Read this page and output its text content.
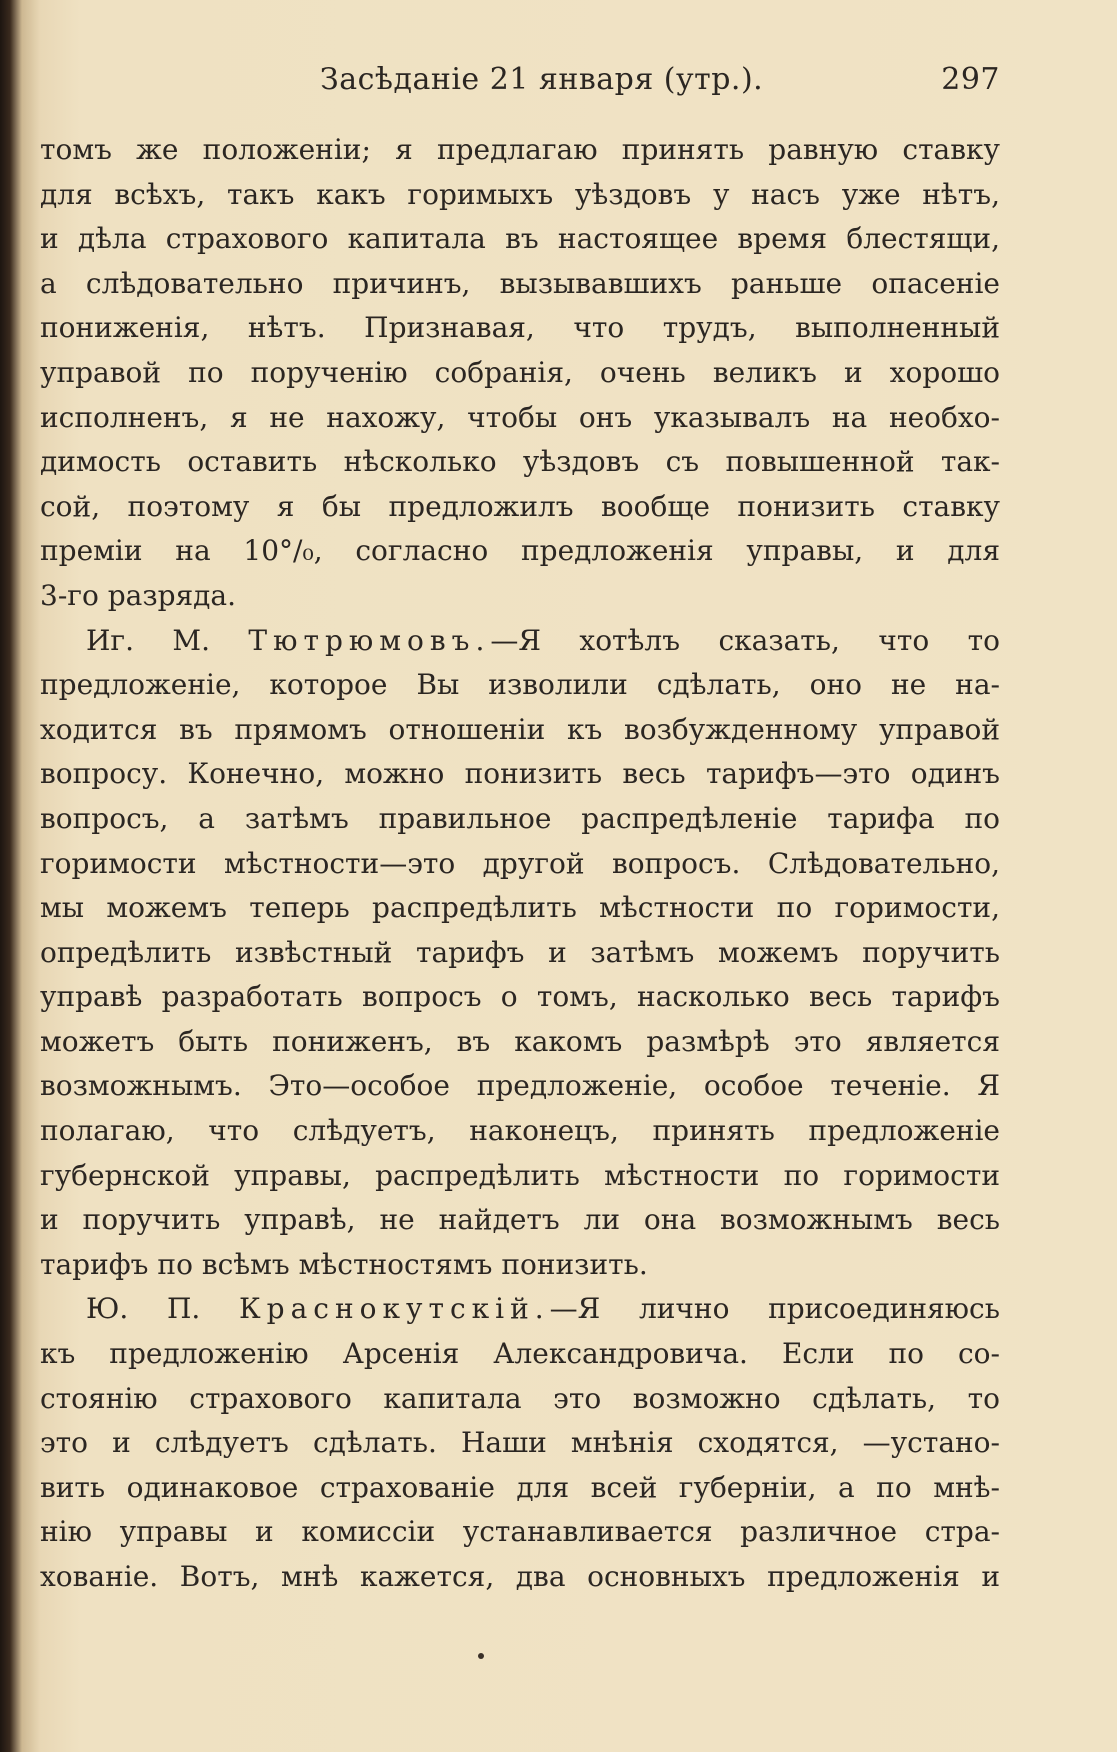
Засѣданіе 21 января (утр.).	297
томъ же положеніи; я предлагаю принять равную ставку
для всѣхъ, такъ какъ горимыхъ уѣздовъ у насъ уже нѣтъ,
и дѣла страхового капитала въ настоящее время блестящи,
а слѣдовательно причинъ, вызывавшихъ раньше опасеніе
пониженія, нѣтъ. Признавая, что трудъ, выполненный
управой по порученію собранія, очень великъ и хорошо
исполненъ, я не нахожу, чтобы онъ указывалъ на необхо-
димость оставить нѣсколько уѣздовъ съ повышенной так-
сой, поэтому я бы предложилъ вообще понизить ставку
преміи на 10°/₀, согласно предложенія управы, и для
3-го разряда.
Иг. М. Тютрюмовъ.—Я хотѣлъ сказать, что то
предложеніе, которое Вы изволили сдѣлать, оно не на-
ходится въ прямомъ отношеніи къ возбужденному управой
вопросу. Конечно, можно понизить весь тарифъ—это одинъ
вопросъ, а затѣмъ правильное распредѣленіе тарифа по
горимости мѣстности—это другой вопросъ. Слѣдовательно,
мы можемъ теперь распредѣлить мѣстности по горимости,
опредѣлить извѣстный тарифъ и затѣмъ можемъ поручить
управѣ разработать вопросъ о томъ, насколько весь тарифъ
можетъ быть пониженъ, въ какомъ размѣрѣ это является
возможнымъ. Это—особое предложеніе, особое теченіе. Я
полагаю, что слѣдуетъ, наконецъ, принять предложеніе
губернской управы, распредѣлить мѣстности по горимости
и поручить управѣ, не найдетъ ли она возможнымъ весь
тарифъ по всѣмъ мѣстностямъ понизить.
Ю. П. Краснокутскій.—Я лично присоединяюсь
къ предложенію Арсенія Александровича. Если по со-
стоянію страхового капитала это возможно сдѣлать, то
это и слѣдуетъ сдѣлать. Наши мнѣнія сходятся, —устано-
вить одинаковое страхованіе для всей губерніи, а по мнѣ-
нію управы и комиссіи устанавливается различное стра-
хованіе. Вотъ, мнѣ кажется, два основныхъ предложенія и
